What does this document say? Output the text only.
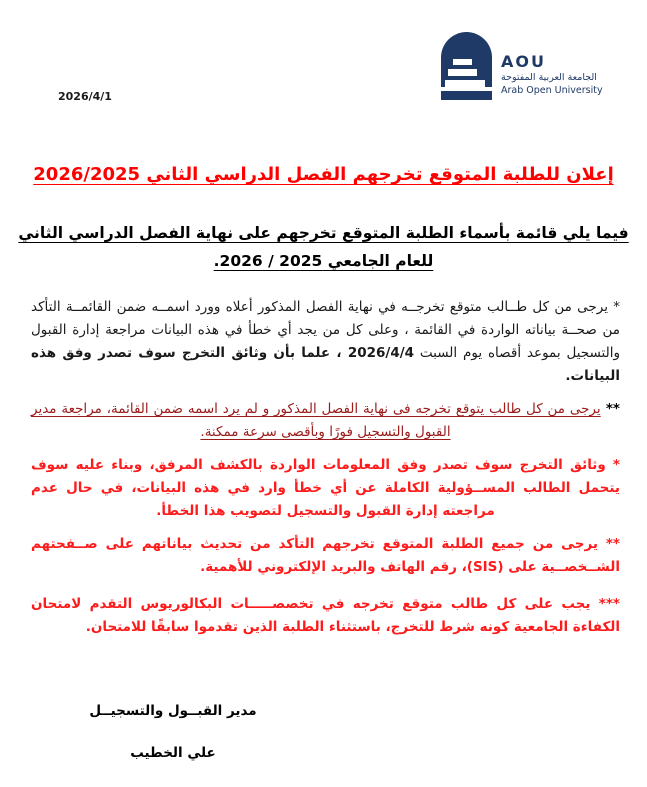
2026/4/1
AOU
الجامعة العربية المفتوحة
Arab Open University
إعلان للطلبة المتوقع تخرجهم الفصل الدراسي الثاني 2026/2025
فيما يلي قائمة بأسماء الطلبة المتوقع تخرجهم على نهاية الفصل الدراسي الثاني
للعام الجامعي 2025 / 2026.

* يرجى من كل طــالب متوقع تخرجــه في نهاية الفصل المذكور أعلاه وورد اسمــه ضمن القائمــة التأكد من صحــة بياناته الواردة في القائمة ، وعلى كل من يجد أي خطأ في هذه البيانات مراجعة إدارة القبول والتسجيل بموعد أقصاه يوم السبت 2026/4/4 ، علما بأن وثائق التخرج سوف تصدر وفق هذه البيانات.

** يرجى من كل طالب يتوقع تخرجه فى نهاية الفصل المذكور و لم يرد اسمه ضمن القائمة، مراجعة مدير القبول والتسجيل فورًا وبأقصى سرعة ممكنة.

* وثائق التخرج سوف تصدر وفق المعلومات الواردة بالكشف المرفق، وبناء عليه سوف يتحمل الطالب المســؤولية الكاملة عن أي خطأ وارد في هذه البيانات، في حال عدم مراجعته إدارة القبول والتسجيل لتصويب هذا الخطأ.

** يرجى من جميع الطلبة المتوقع تخرجهم التأكد من تحديث بياناتهم على صــفحتهم الشــخصــية على (SIS)، رقم الهاتف والبريد الإلكتروني للأهمية.

*** يجب على كل طالب متوقع تخرجه في تخصصـــــات البكالوريوس التقدم لامتحان الكفاءة الجامعية كونه شرط للتخرج، باستثناء الطلبة الذين تقدموا سابقًا للامتحان.

مدير القبــول والتسجيــل
علي الخطيب
